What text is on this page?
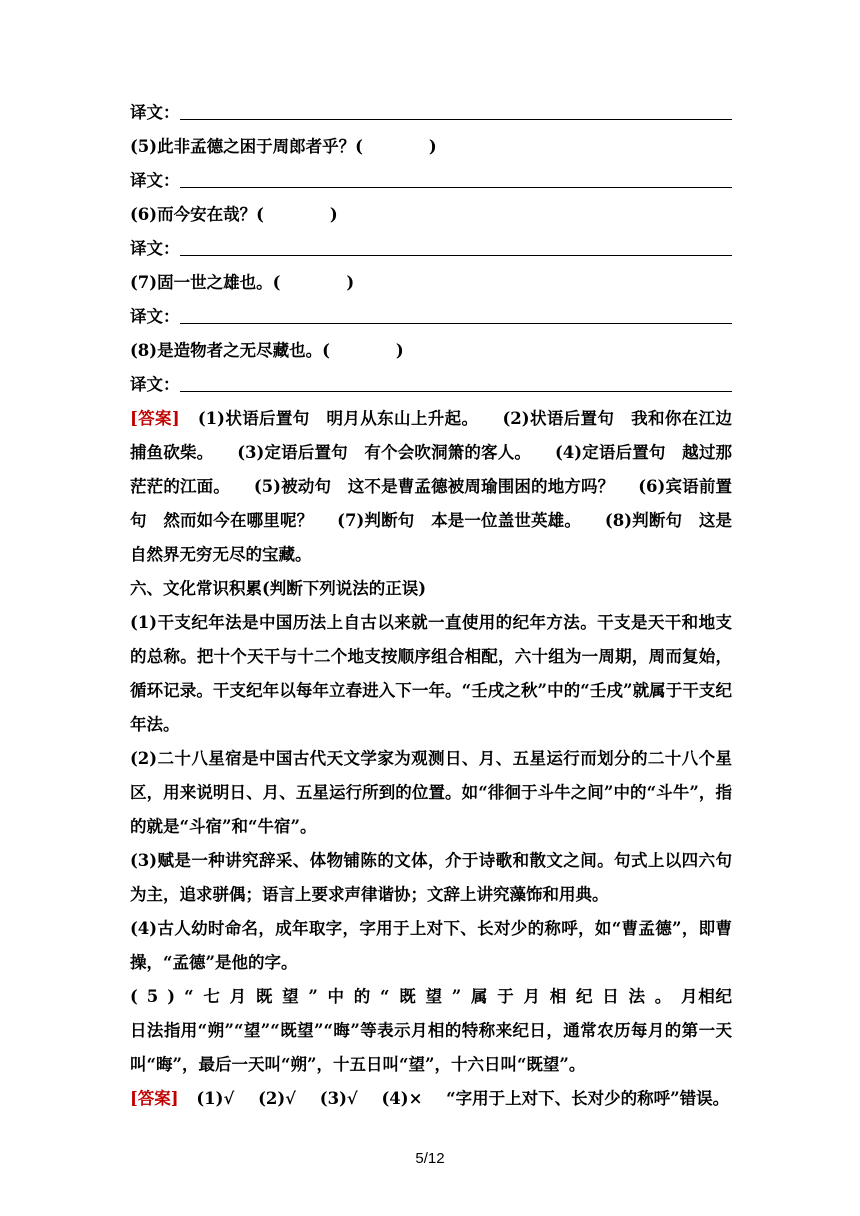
译文：
(5)此非孟德之困于周郎者乎？(	)
译文：
(6)而今安在哉？(	)
译文：
(7)固一世之雄也。(	)
译文：
(8)是造物者之无尽藏也。(	)
译文：
[答案] (1)状语后置句　明月从东山上升起。 (2)状语后置句　我和你在江边捕鱼砍柴。 (3)定语后置句　有个会吹洞箫的客人。 (4)定语后置句　越过那茫茫的江面。 (5)被动句　这不是曹孟德被周瑜围困的地方吗？ (6)宾语前置句　然而如今在哪里呢？ (7)判断句　本是一位盖世英雄。 (8)判断句　这是自然界无穷无尽的宝藏。
六、文化常识积累(判断下列说法的正误)
(1)干支纪年法是中国历法上自古以来就一直使用的纪年方法。干支是天干和地支的总称。把十个天干与十二个地支按顺序组合相配，六十组为一周期，周而复始，循环记录。干支纪年以每年立春进入下一年。“壬戌之秋”中的“壬戌”就属于干支纪年法。
(2)二十八星宿是中国古代天文学家为观测日、月、五星运行而划分的二十八个星区，用来说明日、月、五星运行所到的位置。如“徘徊于斗牛之间”中的“斗牛”，指的就是“斗宿”和“牛宿”。
(3)赋是一种讲究辞采、体物铺陈的文体，介于诗歌和散文之间。句式上以四六句为主，追求骈偶；语言上要求声律谐协；文辞上讲究藻饰和用典。
(4)古人幼时命名，成年取字，字用于上对下、长对少的称呼，如“曹孟德”，即曹操，“孟德”是他的字。
(5)“七月既望”中的“既望”属于月相纪日法。月相纪日法指用“朔”“望”“既望”“晦”等表示月相的特称来纪日，通常农历每月的第一天叫“晦”，最后一天叫“朔”，十五日叫“望”，十六日叫“既望”。
[答案] (1)√ (2)√ (3)√ (4)× “字用于上对下、长对少的称呼”错误。
5/12
